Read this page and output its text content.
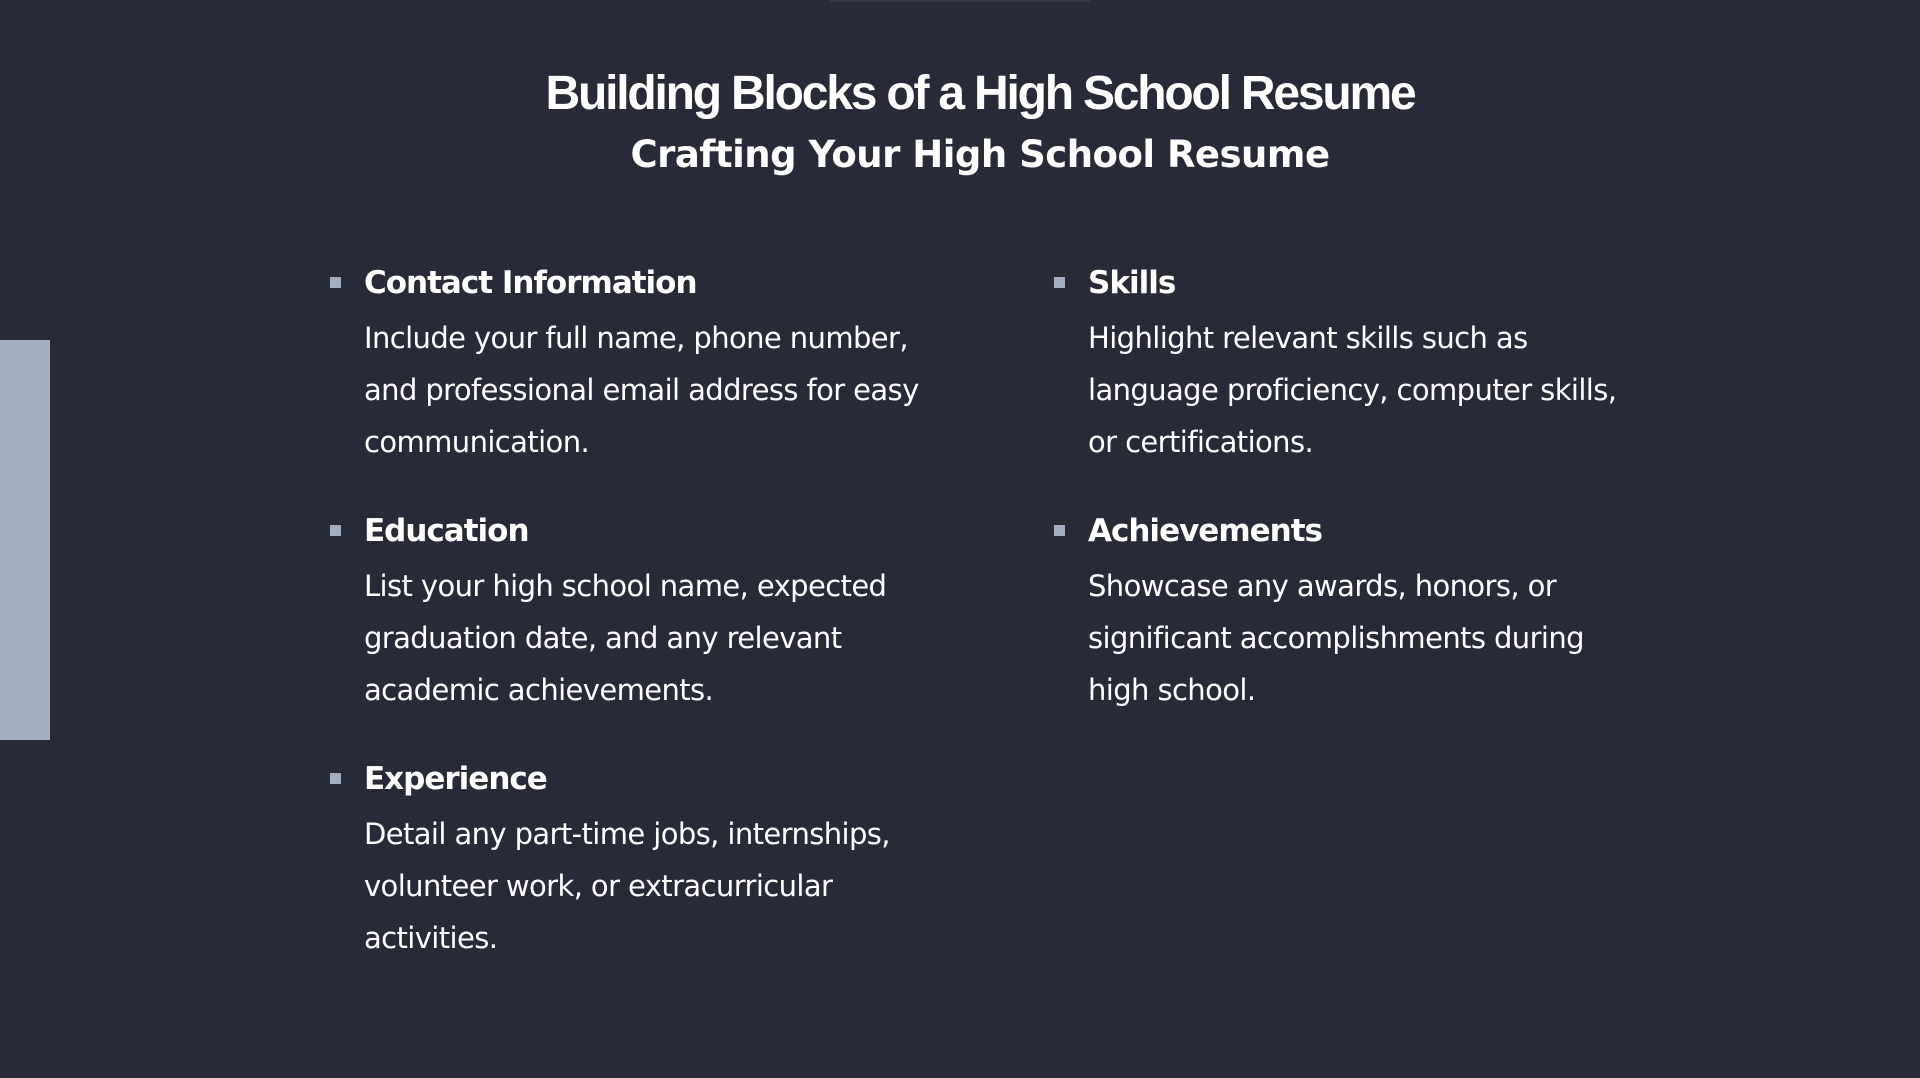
Building Blocks of a High School Resume
Crafting Your High School Resume
Contact Information

Include your full name, phone number, and professional email address for easy communication.

Education

List your high school name, expected graduation date, and any relevant academic achievements.

Experience

Detail any part-time jobs, internships, volunteer work, or extracurricular activities.

Skills

Highlight relevant skills such as language proficiency, computer skills, or certifications.

Achievements

Showcase any awards, honors, or significant accomplishments during high school.
